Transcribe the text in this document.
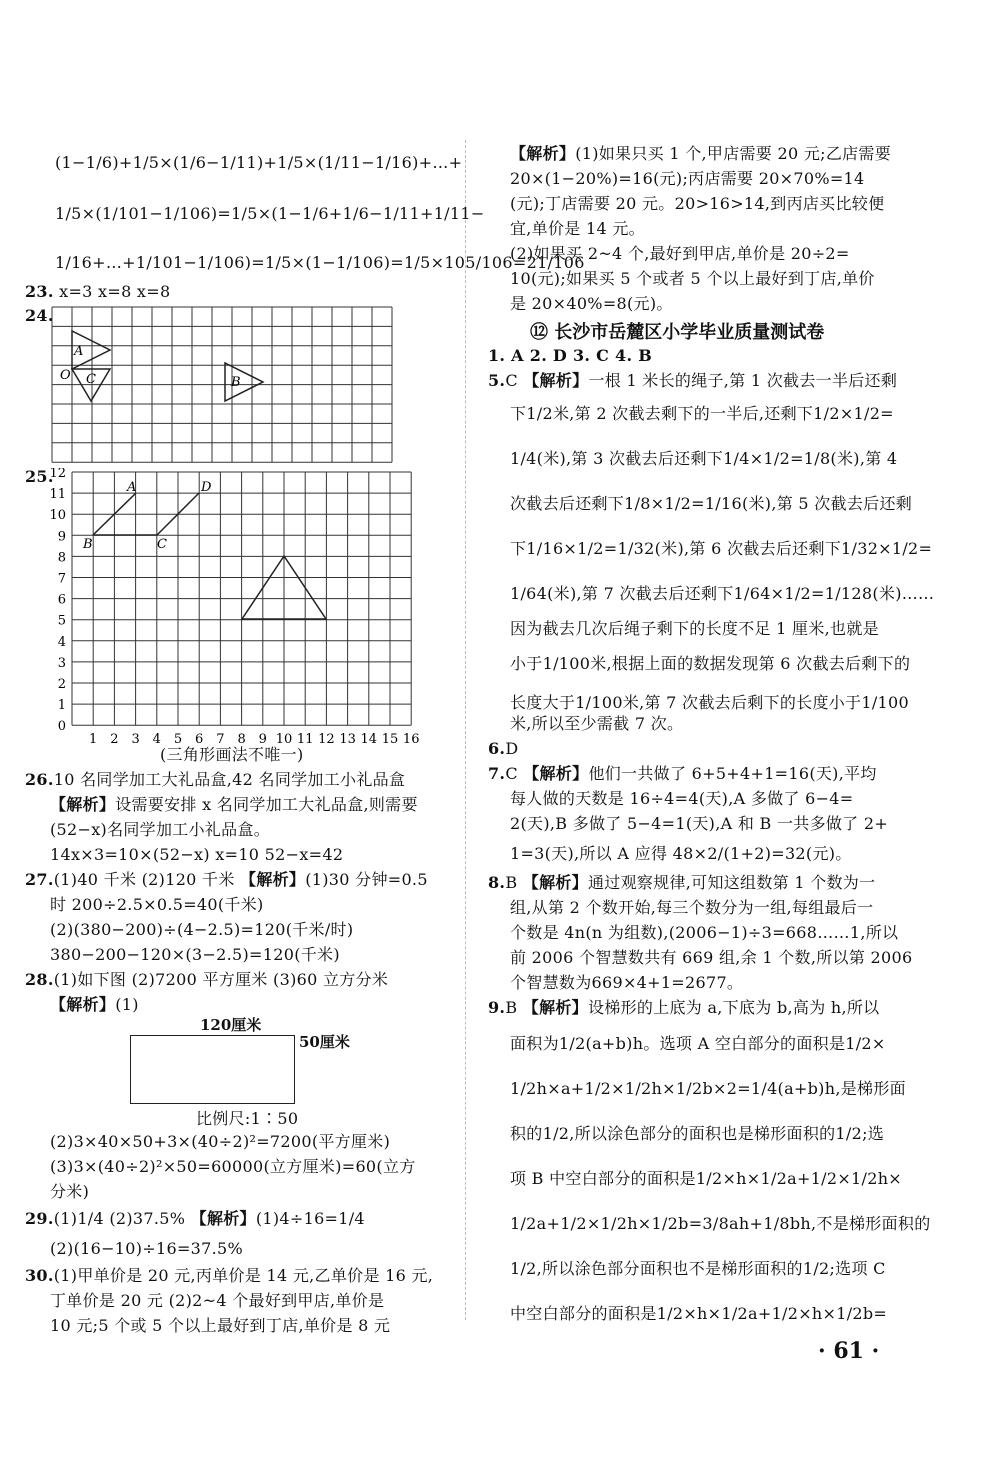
(1−1/6)+1/5×(1/6−1/11)+1/5×(1/11−1/16)+…+
1/5×(1/101−1/106)=1/5×(1−1/6+1/6−1/11+1/11−
1/16+…+1/101−1/106)=1/5×(1−1/106)=1/5×105/106=21/106
23. x=3 x=8 x=8
24.
A
O C	B
25.
12
11
10
9
8
7
6
5
4
3
2
1
0
1 2 3 4 5 6 7 8 9 10 11 12 13 14 15 16
A	D
B	C
(三角形画法不唯一)
26.10 名同学加工大礼品盒,42 名同学加工小礼品盒
【解析】设需要安排 x 名同学加工大礼品盒,则需要
(52−x)名同学加工小礼品盒。
14x×3=10×(52−x) x=10 52−x=42
27.(1)40 千米 (2)120 千米 【解析】(1)30 分钟=0.5
时 200÷2.5×0.5=40(千米)
(2)(380−200)÷(4−2.5)=120(千米/时)
380−200−120×(3−2.5)=120(千米)
28.(1)如下图 (2)7200 平方厘米 (3)60 立方分米
【解析】(1)
120厘米
50厘米
比例尺:1∶50
(2)3×40×50+3×(40÷2)²=7200(平方厘米)
(3)3×(40÷2)²×50=60000(立方厘米)=60(立方
分米)
29.(1)1/4 (2)37.5% 【解析】(1)4÷16=1/4
(2)(16−10)÷16=37.5%
30.(1)甲单价是 20 元,丙单价是 14 元,乙单价是 16 元,
丁单价是 20 元 (2)2~4 个最好到甲店,单价是
10 元;5 个或 5 个以上最好到丁店,单价是 8 元
【解析】(1)如果只买 1 个,甲店需要 20 元;乙店需要
20×(1−20%)=16(元);丙店需要 20×70%=14
(元);丁店需要 20 元。20>16>14,到丙店买比较便
宜,单价是 14 元。
(2)如果买 2~4 个,最好到甲店,单价是 20÷2=
10(元);如果买 5 个或者 5 个以上最好到丁店,单价
是 20×40%=8(元)。
⑫ 长沙市岳麓区小学毕业质量测试卷
1. A 2. D 3. C 4. B
5.C 【解析】一根 1 米长的绳子,第 1 次截去一半后还剩
下1/2米,第 2 次截去剩下的一半后,还剩下1/2×1/2=
1/4(米),第 3 次截去后还剩下1/4×1/2=1/8(米),第 4
次截去后还剩下1/8×1/2=1/16(米),第 5 次截去后还剩
下1/16×1/2=1/32(米),第 6 次截去后还剩下1/32×1/2=
1/64(米),第 7 次截去后还剩下1/64×1/2=1/128(米)……
因为截去几次后绳子剩下的长度不足 1 厘米,也就是
小于1/100米,根据上面的数据发现第 6 次截去后剩下的
长度大于1/100米,第 7 次截去后剩下的长度小于1/100
米,所以至少需截 7 次。
6.D
7.C 【解析】他们一共做了 6+5+4+1=16(天),平均
每人做的天数是 16÷4=4(天),A 多做了 6−4=
2(天),B 多做了 5−4=1(天),A 和 B 一共多做了 2+
1=3(天),所以 A 应得 48×2/(1+2)=32(元)。
8.B 【解析】通过观察规律,可知这组数第 1 个数为一
组,从第 2 个数开始,每三个数分为一组,每组最后一
个数是 4n(n 为组数),(2006−1)÷3=668……1,所以
前 2006 个智慧数共有 669 组,余 1 个数,所以第 2006
个智慧数为669×4+1=2677。
9.B 【解析】设梯形的上底为 a,下底为 b,高为 h,所以
面积为1/2(a+b)h。选项 A 空白部分的面积是1/2×
1/2h×a+1/2×1/2h×1/2b×2=1/4(a+b)h,是梯形面
积的1/2,所以涂色部分的面积也是梯形面积的1/2;选
项 B 中空白部分的面积是1/2×h×1/2a+1/2×1/2h×
1/2a+1/2×1/2h×1/2b=3/8ah+1/8bh,不是梯形面积的
1/2,所以涂色部分面积也不是梯形面积的1/2;选项 C
中空白部分的面积是1/2×h×1/2a+1/2×h×1/2b=
· 61 ·
